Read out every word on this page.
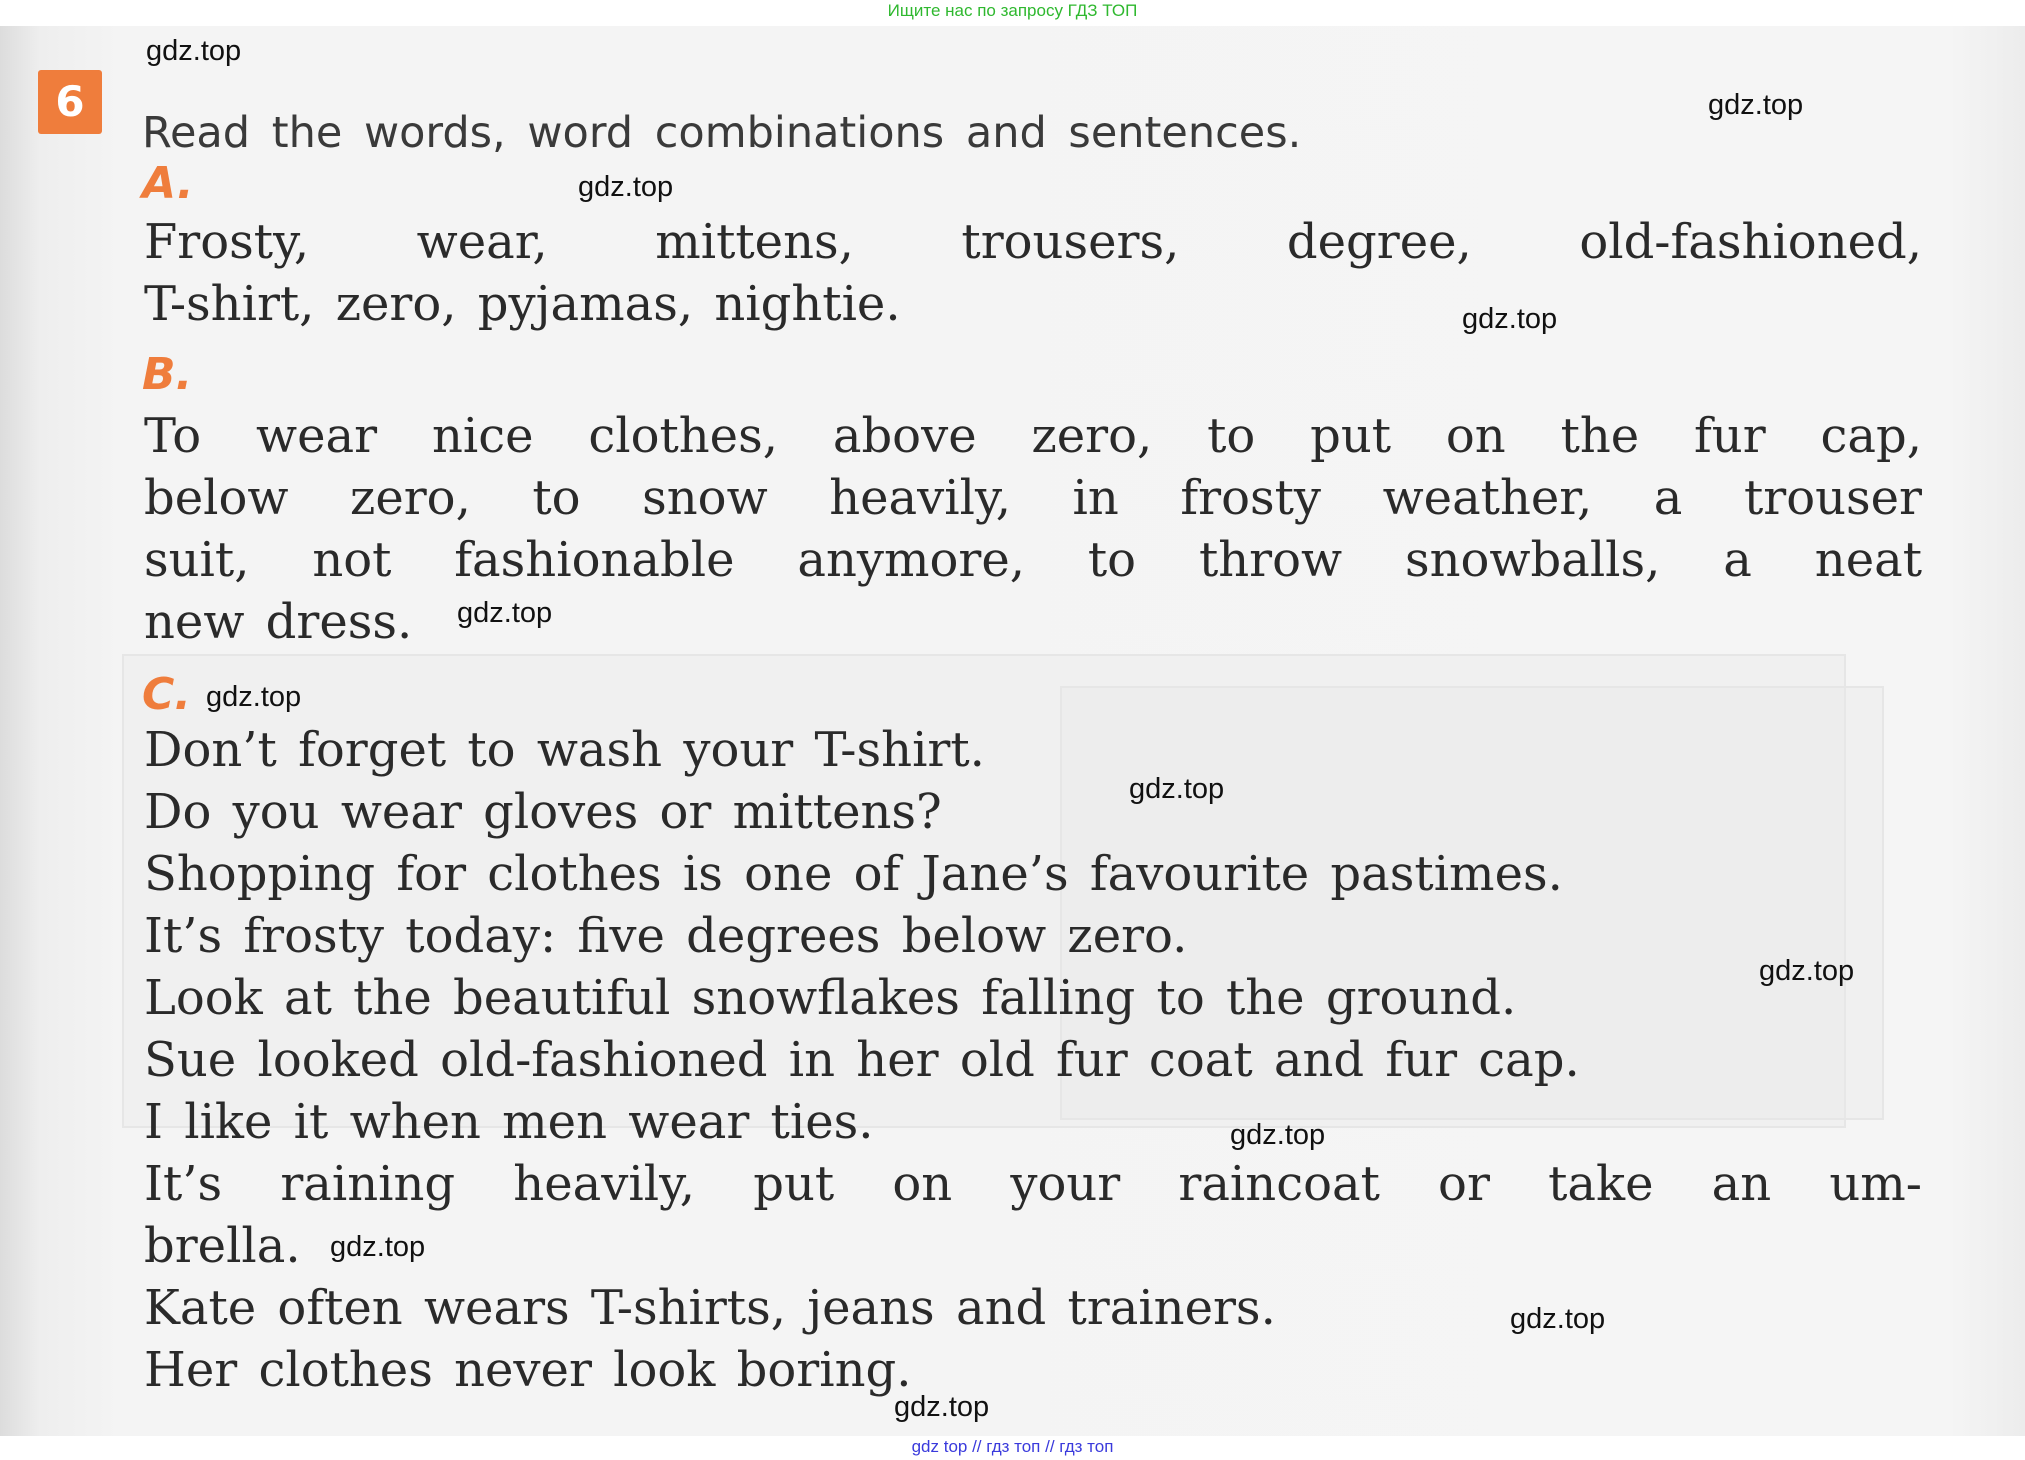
Ищите нас по запросу ГДЗ ТОП
6
Read the words, word combinations and sentences.
A.
Frosty, wear, mittens, trousers, degree, old-fashioned,
T-shirt, zero, pyjamas, nightie.
B.
To wear nice clothes, above zero, to put on the fur cap,
below zero, to snow heavily, in frosty weather, a trouser
suit, not fashionable anymore, to throw snowballs, a neat
new dress.
C.
Don’t forget to wash your T-shirt.
Do you wear gloves or mittens?
Shopping for clothes is one of Jane’s favourite pastimes.
It’s frosty today: five degrees below zero.
Look at the beautiful snowflakes falling to the ground.
Sue looked old-fashioned in her old fur coat and fur cap.
I like it when men wear ties.
It’s raining heavily, put on your raincoat or take an um-
brella.
Kate often wears T-shirts, jeans and trainers.
Her clothes never look boring.
gdz.top
gdz.top
gdz.top
gdz.top
gdz.top
gdz.top
gdz.top
gdz.top
gdz.top
gdz.top
gdz.top
gdz.top
gdz top // гдз топ // гдз топ
